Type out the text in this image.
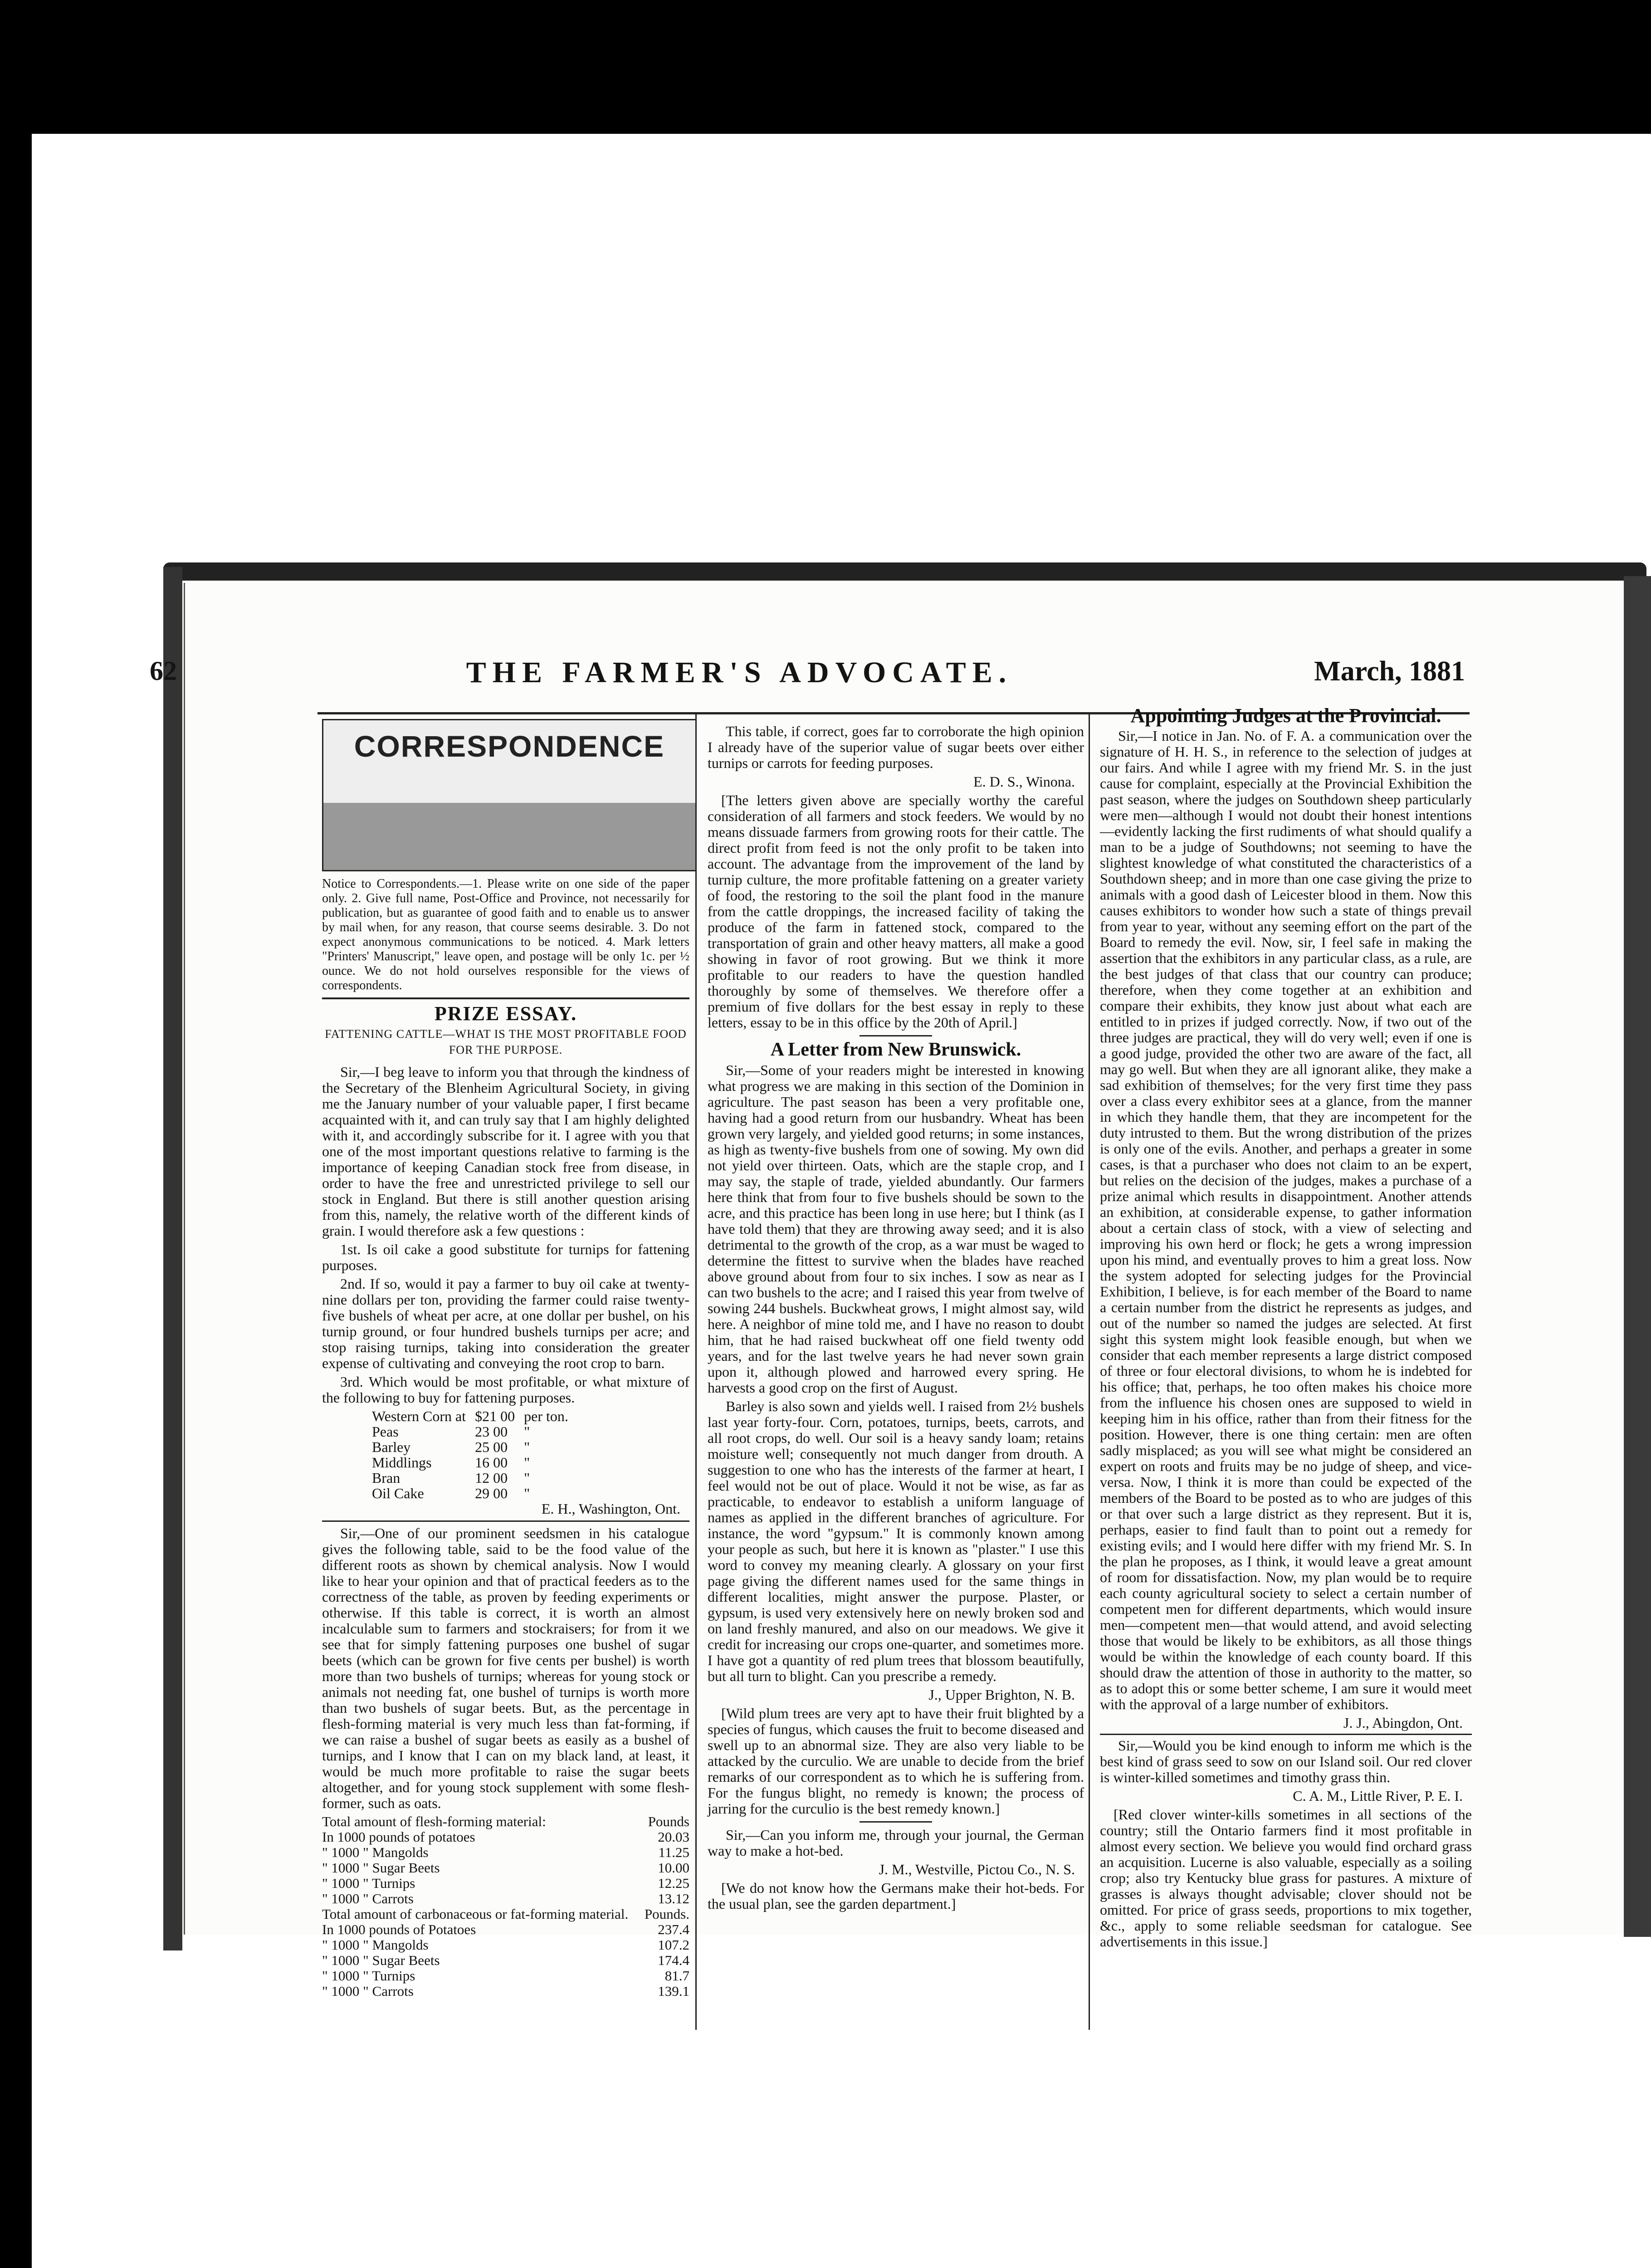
62	THE FARMER'S ADVOCATE.	March, 1881
CORRESPONDENCE
Notice to Correspondents.—1. Please write on one side of the paper only. 2. Give full name, Post-Office and Province, not necessarily for publication, but as guarantee of good faith and to enable us to answer by mail when, for any reason, that course seems desirable. 3. Do not expect anonymous communications to be noticed. 4. Mark letters "Printers' Manuscript," leave open, and postage will be only 1c. per ½ ounce. We do not hold ourselves responsible for the views of correspondents.
PRIZE ESSAY.
FATTENING CATTLE—WHAT IS THE MOST PROFITABLE FOOD FOR THE PURPOSE.

Sir,—I beg leave to inform you that through the kindness of the Secretary of the Blenheim Agricultural Society, in giving me the January number of your valuable paper, I first became acquainted with it, and can truly say that I am highly delighted with it, and accordingly subscribe for it. I agree with you that one of the most important questions relative to farming is the importance of keeping Canadian stock free from disease, in order to have the free and unrestricted privilege to sell our stock in England. But there is still another question arising from this, namely, the relative worth of the different kinds of grain. I would therefore ask a few questions :

1st. Is oil cake a good substitute for turnips for fattening purposes.

2nd. If so, would it pay a farmer to buy oil cake at twenty-nine dollars per ton, providing the farmer could raise twenty-five bushels of wheat per acre, at one dollar per bushel, on his turnip ground, or four hundred bushels turnips per acre; and stop raising turnips, taking into consideration the greater expense of cultivating and conveying the root crop to barn.

3rd. Which would be most profitable, or what mixture of the following to buy for fattening purposes.

Western Corn at	$21 00	per ton.
Peas	23 00	"
Barley	25 00	"
Middlings	16 00	"
Bran	12 00	"
Oil Cake	29 00	"

E. H., Washington, Ont.

Sir,—One of our prominent seedsmen in his catalogue gives the following table, said to be the food value of the different roots as shown by chemical analysis. Now I would like to hear your opinion and that of practical feeders as to the correctness of the table, as proven by feeding experiments or otherwise. If this table is correct, it is worth an almost incalculable sum to farmers and stockraisers; for from it we see that for simply fattening purposes one bushel of sugar beets (which can be grown for five cents per bushel) is worth more than two bushels of turnips; whereas for young stock or animals not needing fat, one bushel of turnips is worth more than two bushels of sugar beets. But, as the percentage in flesh-forming material is very much less than fat-forming, if we can raise a bushel of sugar beets as easily as a bushel of turnips, and I know that I can on my black land, at least, it would be much more profitable to raise the sugar beets altogether, and for young stock supplement with some flesh-former, such as oats.

Total amount of flesh-forming material:	Pounds
In 1000 pounds of potatoes	20.03
" 1000 " Mangolds	11.25
" 1000 " Sugar Beets	10.00
" 1000 " Turnips	12.25
" 1000 " Carrots	13.12
Total amount of carbonaceous or fat-forming material.	Pounds.
In 1000 pounds of Potatoes	237.4
" 1000 " Mangolds	107.2
" 1000 " Sugar Beets	174.4
" 1000 " Turnips	81.7
" 1000 " Carrots	139.1

This table, if correct, goes far to corroborate the high opinion I already have of the superior value of sugar beets over either turnips or carrots for feeding purposes.

E. D. S., Winona.

[The letters given above are specially worthy the careful consideration of all farmers and stock feeders. We would by no means dissuade farmers from growing roots for their cattle. The direct profit from feed is not the only profit to be taken into account. The advantage from the improvement of the land by turnip culture, the more profitable fattening on a greater variety of food, the restoring to the soil the plant food in the manure from the cattle droppings, the increased facility of taking the produce of the farm in fattened stock, compared to the transportation of grain and other heavy matters, all make a good showing in favor of root growing. But we think it more profitable to our readers to have the question handled thoroughly by some of themselves. We therefore offer a premium of five dollars for the best essay in reply to these letters, essay to be in this office by the 20th of April.]

A Letter from New Brunswick.

Sir,—Some of your readers might be interested in knowing what progress we are making in this section of the Dominion in agriculture. The past season has been a very profitable one, having had a good return from our husbandry. Wheat has been grown very largely, and yielded good returns; in some instances, as high as twenty-five bushels from one of sowing. My own did not yield over thirteen. Oats, which are the staple crop, and I may say, the staple of trade, yielded abundantly. Our farmers here think that from four to five bushels should be sown to the acre, and this practice has been long in use here; but I think (as I have told them) that they are throwing away seed; and it is also detrimental to the growth of the crop, as a war must be waged to determine the fittest to survive when the blades have reached above ground about from four to six inches. I sow as near as I can two bushels to the acre; and I raised this year from twelve of sowing 244 bushels. Buckwheat grows, I might almost say, wild here. A neighbor of mine told me, and I have no reason to doubt him, that he had raised buckwheat off one field twenty odd years, and for the last twelve years he had never sown grain upon it, although plowed and harrowed every spring. He harvests a good crop on the first of August.

Barley is also sown and yields well. I raised from 2½ bushels last year forty-four. Corn, potatoes, turnips, beets, carrots, and all root crops, do well. Our soil is a heavy sandy loam; retains moisture well; consequently not much danger from drouth. A suggestion to one who has the interests of the farmer at heart, I feel would not be out of place. Would it not be wise, as far as practicable, to endeavor to establish a uniform language of names as applied in the different branches of agriculture. For instance, the word "gypsum." It is commonly known among your people as such, but here it is known as "plaster." I use this word to convey my meaning clearly. A glossary on your first page giving the different names used for the same things in different localities, might answer the purpose. Plaster, or gypsum, is used very extensively here on newly broken sod and on land freshly manured, and also on our meadows. We give it credit for increasing our crops one-quarter, and sometimes more. I have got a quantity of red plum trees that blossom beautifully, but all turn to blight. Can you prescribe a remedy.

J., Upper Brighton, N. B.

[Wild plum trees are very apt to have their fruit blighted by a species of fungus, which causes the fruit to become diseased and swell up to an abnormal size. They are also very liable to be attacked by the curculio. We are unable to decide from the brief remarks of our correspondent as to which he is suffering from. For the fungus blight, no remedy is known; the process of jarring for the curculio is the best remedy known.]

Sir,—Can you inform me, through your journal, the German way to make a hot-bed.

J. M., Westville, Pictou Co., N. S.

[We do not know how the Germans make their hot-beds. For the usual plan, see the garden department.]

Appointing Judges at the Provincial.

Sir,—I notice in Jan. No. of F. A. a communication over the signature of H. H. S., in reference to the selection of judges at our fairs. And while I agree with my friend Mr. S. in the just cause for complaint, especially at the Provincial Exhibition the past season, where the judges on Southdown sheep particularly were men—although I would not doubt their honest intentions—evidently lacking the first rudiments of what should qualify a man to be a judge of Southdowns; not seeming to have the slightest knowledge of what constituted the characteristics of a Southdown sheep; and in more than one case giving the prize to animals with a good dash of Leicester blood in them. Now this causes exhibitors to wonder how such a state of things prevail from year to year, without any seeming effort on the part of the Board to remedy the evil. Now, sir, I feel safe in making the assertion that the exhibitors in any particular class, as a rule, are the best judges of that class that our country can produce; therefore, when they come together at an exhibition and compare their exhibits, they know just about what each are entitled to in prizes if judged correctly. Now, if two out of the three judges are practical, they will do very well; even if one is a good judge, provided the other two are aware of the fact, all may go well. But when they are all ignorant alike, they make a sad exhibition of themselves; for the very first time they pass over a class every exhibitor sees at a glance, from the manner in which they handle them, that they are incompetent for the duty intrusted to them. But the wrong distribution of the prizes is only one of the evils. Another, and perhaps a greater in some cases, is that a purchaser who does not claim to an be expert, but relies on the decision of the judges, makes a purchase of a prize animal which results in disappointment. Another attends an exhibition, at considerable expense, to gather information about a certain class of stock, with a view of selecting and improving his own herd or flock; he gets a wrong impression upon his mind, and eventually proves to him a great loss. Now the system adopted for selecting judges for the Provincial Exhibition, I believe, is for each member of the Board to name a certain number from the district he represents as judges, and out of the number so named the judges are selected. At first sight this system might look feasible enough, but when we consider that each member represents a large district composed of three or four electoral divisions, to whom he is indebted for his office; that, perhaps, he too often makes his choice more from the influence his chosen ones are supposed to wield in keeping him in his office, rather than from their fitness for the position. However, there is one thing certain: men are often sadly misplaced; as you will see what might be considered an expert on roots and fruits may be no judge of sheep, and vice-versa. Now, I think it is more than could be expected of the members of the Board to be posted as to who are judges of this or that over such a large district as they represent. But it is, perhaps, easier to find fault than to point out a remedy for existing evils; and I would here differ with my friend Mr. S. In the plan he proposes, as I think, it would leave a great amount of room for dissatisfaction. Now, my plan would be to require each county agricultural society to select a certain number of competent men for different departments, which would insure men—competent men—that would attend, and avoid selecting those that would be likely to be exhibitors, as all those things would be within the knowledge of each county board. If this should draw the attention of those in authority to the matter, so as to adopt this or some better scheme, I am sure it would meet with the approval of a large number of exhibitors.

J. J., Abingdon, Ont.

Sir,—Would you be kind enough to inform me which is the best kind of grass seed to sow on our Island soil. Our red clover is winter-killed sometimes and timothy grass thin.

C. A. M., Little River, P. E. I.

[Red clover winter-kills sometimes in all sections of the country; still the Ontario farmers find it most profitable in almost every section. We believe you would find orchard grass an acquisition. Lucerne is also valuable, especially as a soiling crop; also try Kentucky blue grass for pastures. A mixture of grasses is always thought advisable; clover should not be omitted. For price of grass seeds, proportions to mix together, &c., apply to some reliable seedsman for catalogue. See advertisements in this issue.]
